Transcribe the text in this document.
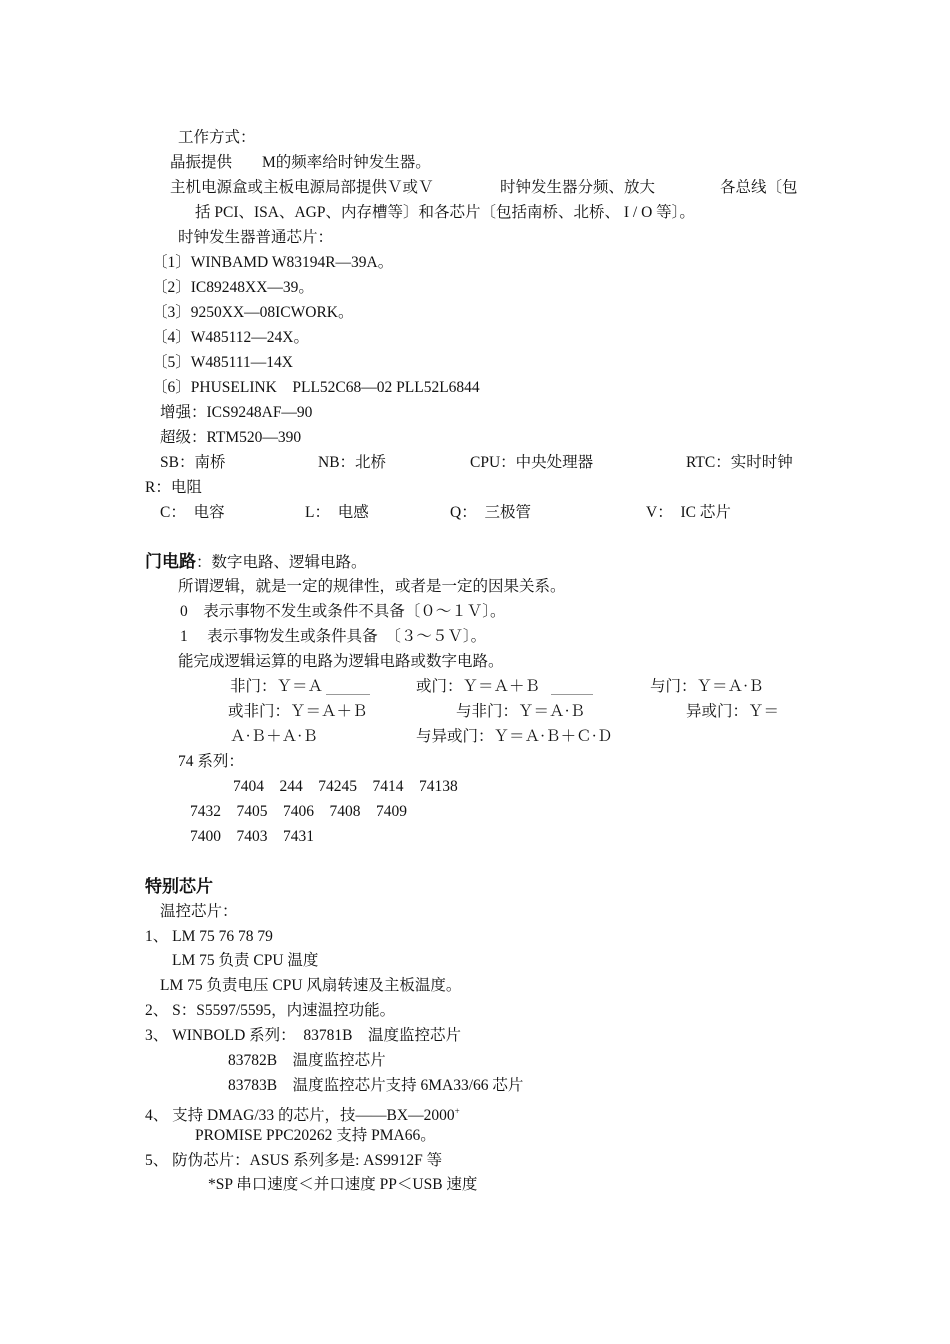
工作方式：
晶振提供 M的频率给时钟发生器。
主机电源盒或主板电源局部提供Ｖ或Ｖ	时钟发生器分频、放大	各总线〔包
括 PCI、ISA、AGP、内存槽等〕和各芯片〔包括南桥、北桥、 I / O 等〕。
时钟发生器普通芯片：
〔1〕WINBAMD W83194R—39A。
〔2〕IC89248XX—39。
〔3〕9250XX—08ICWORK。
〔4〕W485112—24X。
〔5〕W485111—14X
〔6〕PHUSELINK　PLL52C68—02 PLL52L6844
增强：ICS9248AF—90
超级：RTM520—390
SB：南桥	NB：北桥	CPU：中央处理器	RTC：实时时钟
R：电阻
C：　电容	L：　电感	Q：　三极管	V：　IC 芯片
门电路：数字电路、逻辑电路。
所谓逻辑，就是一定的规律性，或者是一定的因果关系。
0　表示事物不发生或条件不具备〔０～１Ｖ〕。
1　 表示事物发生或条件具备　〔３～５Ｖ〕。
能完成逻辑运算的电路为逻辑电路或数字电路。
非门：Ｙ＝Ａ	或门：Ｙ＝Ａ＋Ｂ	与门：Ｙ＝Ａ·Ｂ
或非门：Ｙ＝Ａ＋Ｂ	与非门：Ｙ＝Ａ·Ｂ	异或门：Ｙ＝
Ａ·Ｂ＋Ａ·Ｂ	与异或门：Ｙ＝Ａ·Ｂ＋Ｃ·Ｄ
74 系列：
7404　244　74245　7414　74138
7432　7405　7406　7408　7409
7400　7403　7431
特别芯片
温控芯片：
1、 LM 75 76 78 79
LM 75 负责 CPU 温度
LM 75 负责电压 CPU 风扇转速及主板温度。
2、 S：S5597/5595，内速温控功能。
3、 WINBOLD 系列：　83781B　温度监控芯片
83782B　温度监控芯片
83783B　温度监控芯片支持 6MA33/66 芯片
4、 支持 DMAG/33 的芯片，技——BX—2000+
PROMISE PPC20262 支持 PMA66。
5、 防伪芯片：ASUS 系列多是: AS9912F 等
*SP 串口速度＜并口速度 PP＜USB 速度
